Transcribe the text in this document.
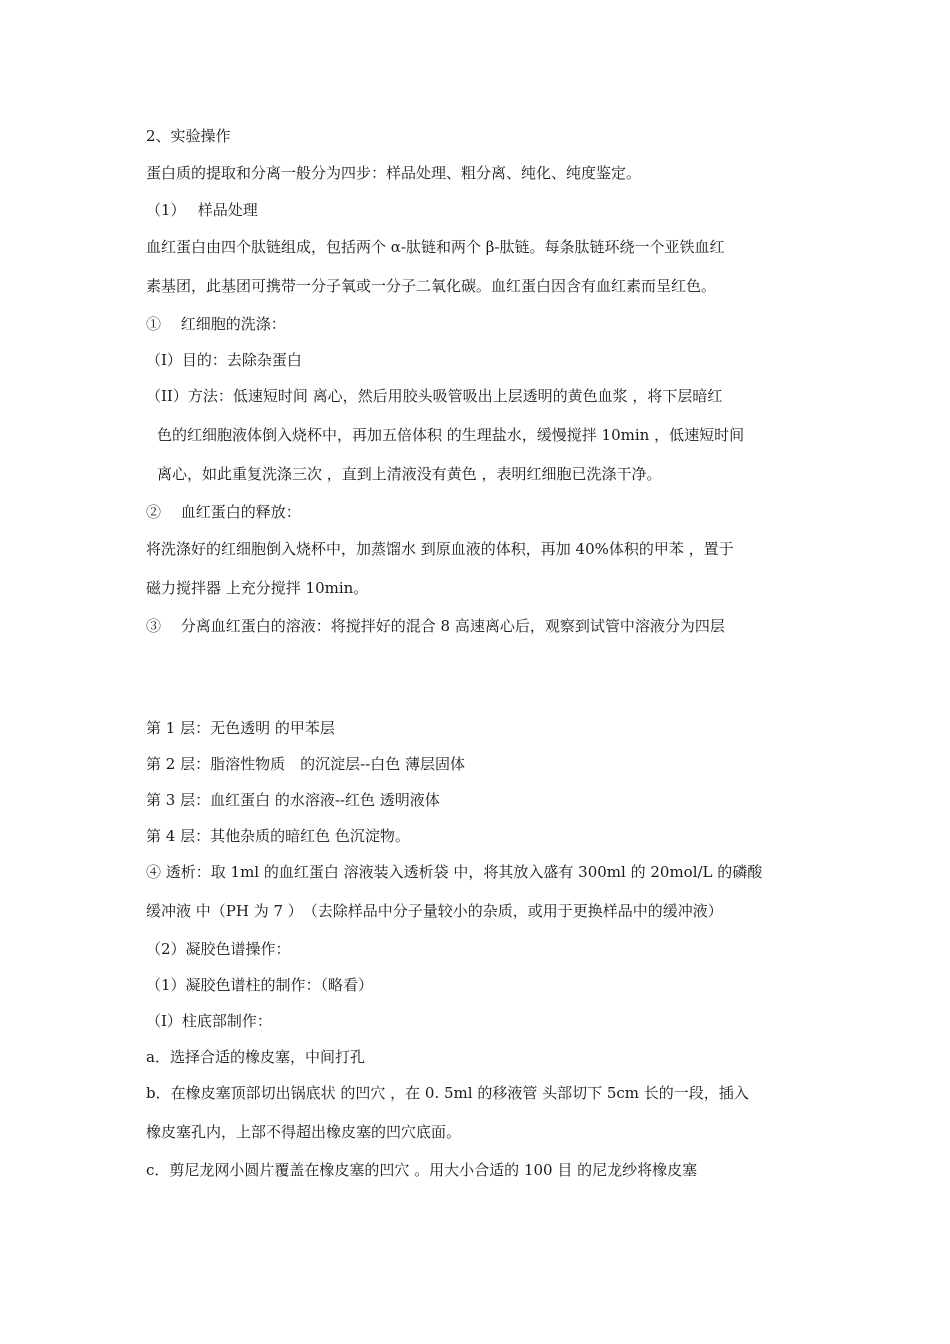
2、实验操作
蛋白质的提取和分离一般分为四步：样品处理、粗分离、纯化、纯度鉴定。
（1）　 样品处理
血红蛋白由四个肽链组成，包括两个 α-肽链和两个 β-肽链。每条肽链环绕一个亚铁血红
素基团，此基团可携带一分子氧或一分子二氧化碳。血红蛋白因含有血红素而呈红色。
①　 红细胞的洗涤：
（I）目的：去除杂蛋白
（II）方法：低速短时间 离心，然后用胶头吸管吸出上层透明的黄色血浆 ，将下层暗红
色的红细胞液体倒入烧杯中，再加五倍体积 的生理盐水，缓慢搅拌 10min ，低速短时间
离心，如此重复洗涤三次 ，直到上清液没有黄色 ，表明红细胞已洗涤干净。
②　 血红蛋白的释放：
将洗涤好的红细胞倒入烧杯中，加蒸馏水 到原血液的体积，再加 40%体积的甲苯 ，置于
磁力搅拌器 上充分搅拌 10min。
③　 分离血红蛋白的溶液：将搅拌好的混合 8 高速离心后，观察到试管中溶液分为四层
第 1 层：无色透明 的甲苯层
第 2 层：脂溶性物质　的沉淀层--白色 薄层固体
第 3 层：血红蛋白 的水溶液--红色 透明液体
第 4 层：其他杂质的暗红色 色沉淀物。
④ 透析：取 1ml 的血红蛋白 溶液装入透析袋 中，将其放入盛有 300ml 的 20mol/L 的磷酸
缓冲液 中（PH 为 7 ）　（去除样品中分子量较小的杂质，或用于更换样品中的缓冲液）
（2）凝胶色谱操作：
（1）凝胶色谱柱的制作：（略看）
（I）柱底部制作：
a．选择合适的橡皮塞，中间打孔
b．在橡皮塞顶部切出锅底状 的凹穴 ，在 0. 5ml 的移液管 头部切下 5cm 长的一段，插入
橡皮塞孔内，上部不得超出橡皮塞的凹穴底面。
c．剪尼龙网小圆片覆盖在橡皮塞的凹穴 。用大小合适的 100 目 的尼龙纱将橡皮塞
